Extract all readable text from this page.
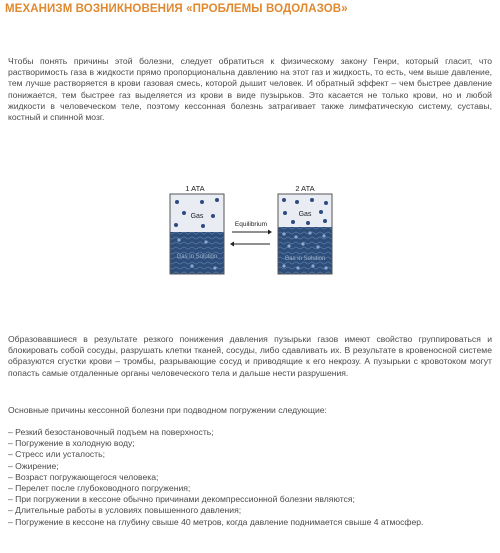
МЕХАНИЗМ ВОЗНИКНОВЕНИЯ «ПРОБЛЕМЫ ВОДОЛАЗОВ»

Чтобы понять причины этой болезни, следует обратиться к физическому закону Генри, который гласит, что растворимость газа в жидкости прямо пропорциональна давлению на этот газ и жидкость, то есть, чем выше давление, тем лучше растворяется в крови газовая смесь, которой дышит человек. И обратный эффект – чем быстрее давление понижается, тем быстрее газ выделяется из крови в виде пузырьков. Это касается не только крови, но и любой жидкости в человеческом теле, поэтому кессонная болезнь затрагивает также лимфатическую систему, суставы, костный и спинной мозг.

1 ATA
Gas
Gas in Solution
Equilibrium
2 ATA
Gas
Gas in Solution

Образовавшиеся в результате резкого понижения давления пузырьки газов имеют свойство группироваться и блокировать собой сосуды, разрушать клетки тканей, сосуды, либо сдавливать их. В результате в кровеносной системе образуются сгустки крови – тромбы, разрывающие сосуд и приводящие к его некрозу. А пузырьки с кровотоком могут попасть самые отдаленные органы человеческого тела и дальше нести разрушения.

Основные причины кессонной болезни при подводном погружении следующие:

– Резкий безостановочный подъем на поверхность;
– Погружение в холодную воду;
– Стресс или усталость;
– Ожирение;
– Возраст погружающегося человека;
– Перелет после глубоководного погружения;
– При погружении в кессоне обычно причинами декомпрессионной болезни являются;
– Длительные работы в условиях повышенного давления;
– Погружение в кессоне на глубину свыше 40 метров, когда давление поднимается свыше 4 атмосфер.
